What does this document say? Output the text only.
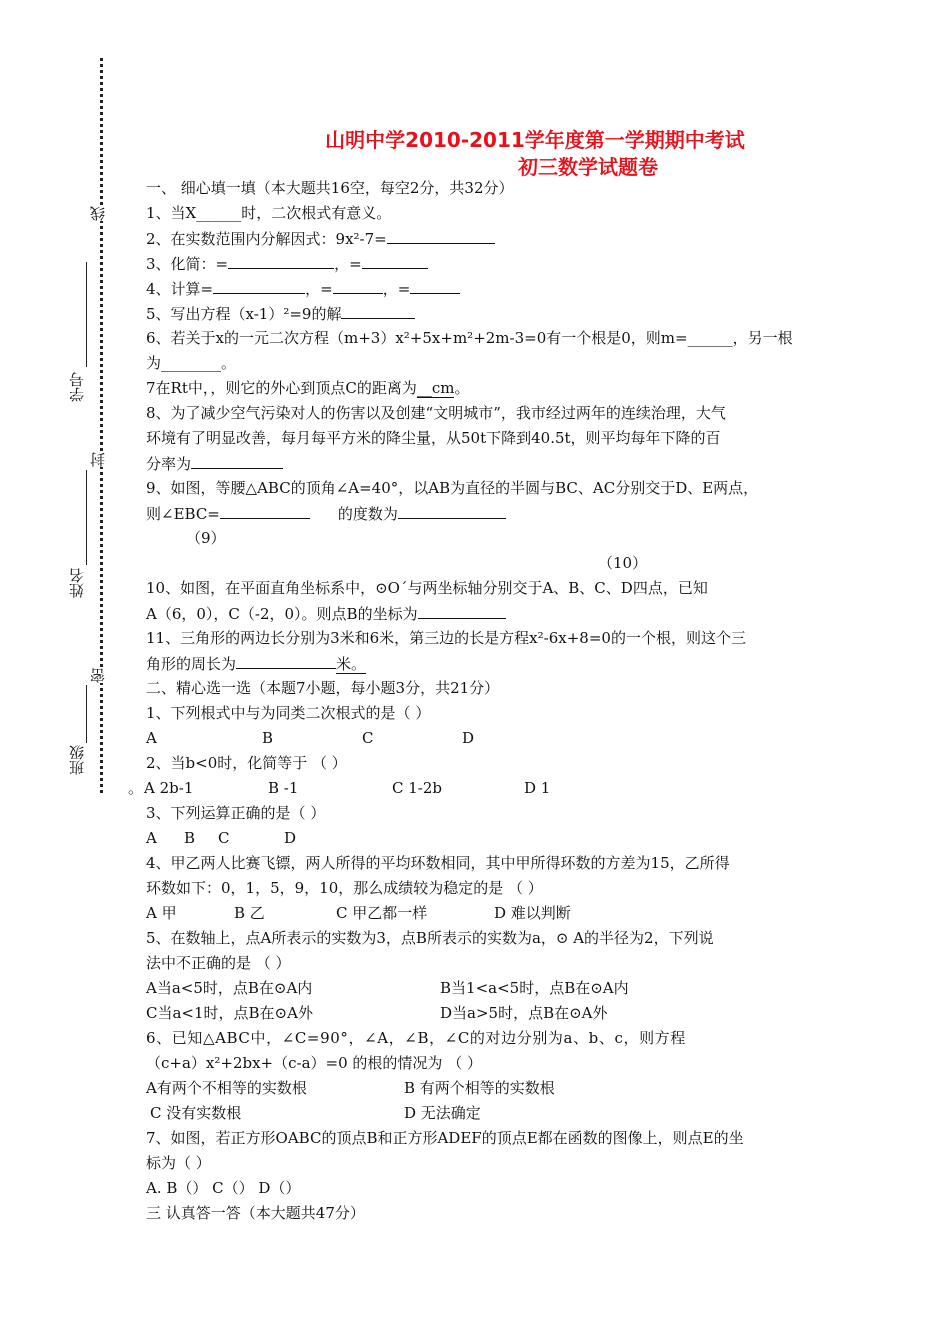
线
封
密
学号
姓名
班级
山明中学2010-2011学年度第一学期期中考试
初三数学试题卷
一、 细心填一填（本大题共16空，每空2分，共32分）
1、当X______时，二次根式有意义。
2、在实数范围内分解因式：9x²-7=
3、化简：=	，=
4、计算=	，=	，=
5、写出方程（x-1）²=9的解
6、若关于x的一元二次方程（m+3）x²+5x+m²+2m-3=0有一个根是0，则m=______，另一根
为________。
7在Rt中，，则它的外心到顶点C的距离为__cm。
8、为了减少空气污染对人的伤害以及创建“文明城市”，我市经过两年的连续治理，大气
环境有了明显改善，每月每平方米的降尘量，从50t下降到40.5t，则平均每年下降的百
分率为
9、如图，等腰△ABC的顶角∠A=40°，以AB为直径的半圆与BC、AC分别交于D、E两点，
则∠EBC=	的度数为
（9）
（10）
10、如图，在平面直角坐标系中，⊙O´与两坐标轴分别交于A、B、C、D四点，已知
A（6，0），C（-2，0）。则点B的坐标为
11、三角形的两边长分别为3米和6米，第三边的长是方程x²-6x+8=0的一个根，则这个三
角形的周长为	米。
二、精心选一选（本题7小题，每小题3分，共21分）
1、下列根式中与为同类二次根式的是（ ）
A	B	C	D
2、当b<0时，化简等于 （ ）
。A 2b-1	B -1	C 1-2b	D 1
3、下列运算正确的是（ ）
A B C	D
4、甲乙两人比赛飞镖，两人所得的平均环数相同，其中甲所得环数的方差为15，乙所得
环数如下：0，1，5，9，10，那么成绩较为稳定的是 （ ）
A 甲	B 乙	C 甲乙都一样	D 难以判断
5、在数轴上，点A所表示的实数为3，点B所表示的实数为a，⊙ A的半径为2，下列说
法中不正确的是 （ ）
A当a<5时，点B在⊙A内	B当1<a<5时，点B在⊙A内
C当a<1时，点B在⊙A外	D当a>5时，点B在⊙A外
6、已知△ABC中，∠C=90°，∠A，∠B，∠C的对边分别为a、b、c，则方程
（c+a）x²+2bx+（c-a）=0 的根的情况为 （ ）
A有两个不相等的实数根	B 有两个相等的实数根
C 没有实数根	D 无法确定
7、如图，若正方形OABC的顶点B和正方形ADEF的顶点E都在函数的图像上，则点E的坐
标为（ ）
A. B（） C（） D（）
三 认真答一答（本大题共47分）
